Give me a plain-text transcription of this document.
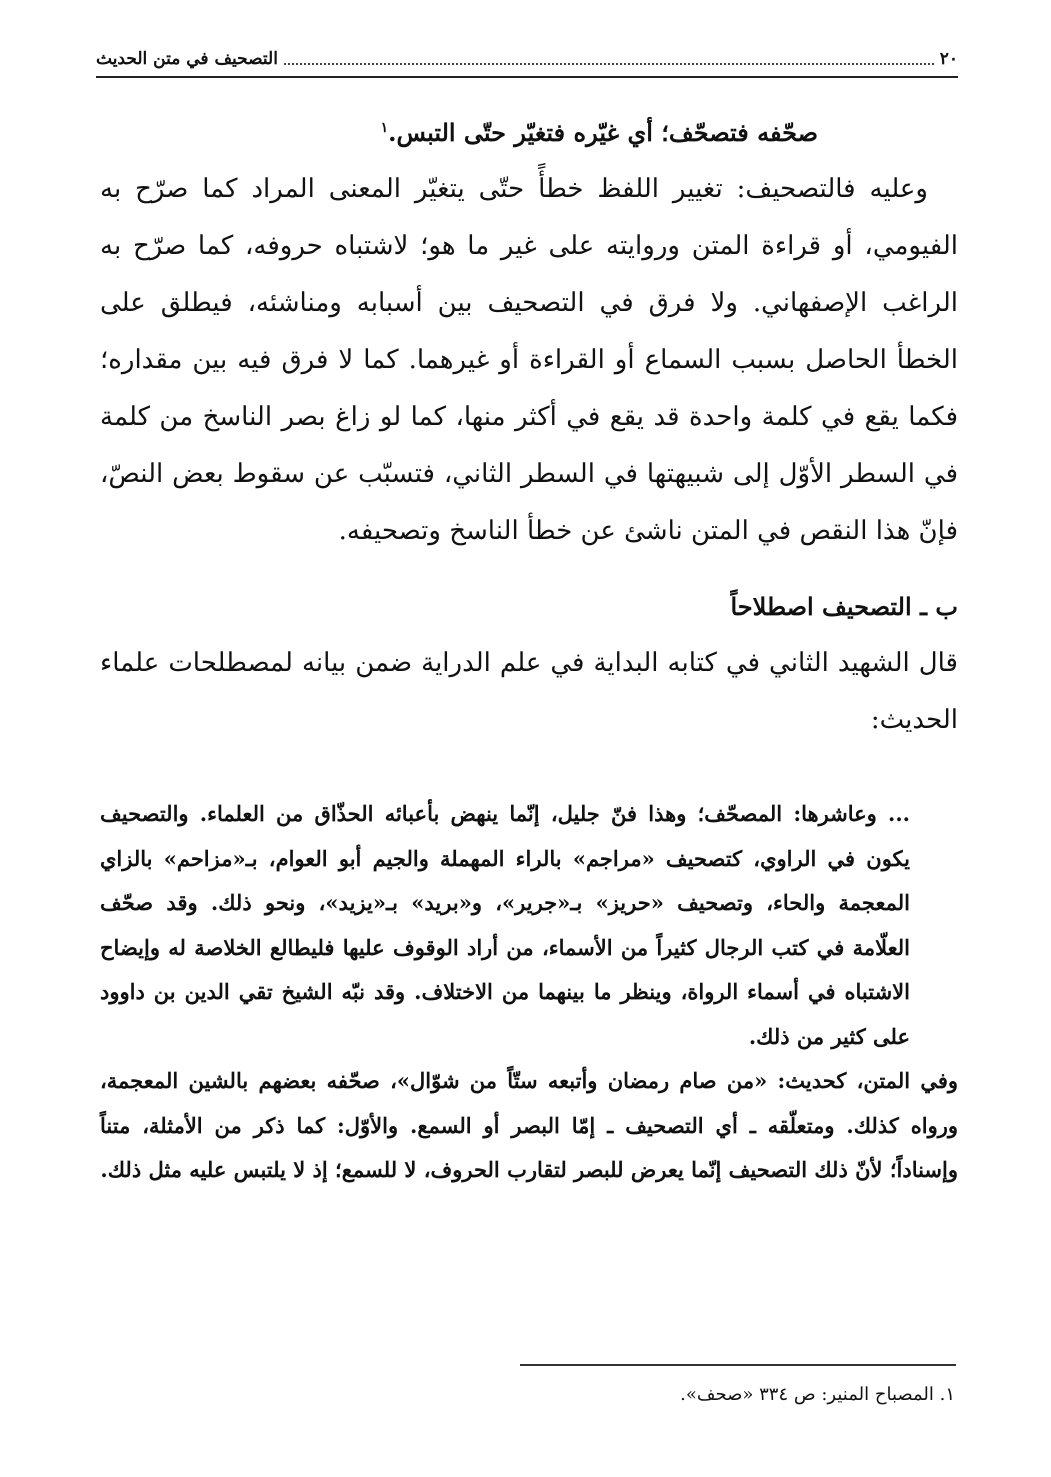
٢٠
التصحيف في متن الحديث

صحّفه فتصحّف؛ أي غيّره فتغيّر حتّى التبس.$^١$

وعليه فالتصحيف: تغيير اللفظ خطأً حتّى يتغيّر المعنى المراد كما صرّح به الفيومي، أو قراءة المتن وروايته على غير ما هو؛ لاشتباه حروفه، كما صرّح به الراغب الإصفهاني. ولا فرق في التصحيف بين أسبابه ومناشئه، فيطلق على الخطأ الحاصل بسبب السماع أو القراءة أو غيرهما. كما لا فرق فيه بين مقداره؛ فكما يقع في كلمة واحدة قد يقع في أكثر منها، كما لو زاغ بصر الناسخ من كلمة في السطر الأوّل إلى شبيهتها في السطر الثاني، فتسبّب عن سقوط بعض النصّ، فإنّ هذا النقص في المتن ناشئ عن خطأ الناسخ وتصحيفه.

ب ـ التصحيف اصطلاحاً

قال الشهيد الثاني في كتابه البداية في علم الدراية ضمن بيانه لمصطلحات علماء الحديث:

... وعاشرها: المصحّف؛ وهذا فنّ جليل، إنّما ينهض بأعبائه الحذّاق من العلماء. والتصحيف يكون في الراوي، كتصحيف «مراجم» بالراء المهملة والجيم أبو العوام، بـ«مزاحم» بالزاي المعجمة والحاء، وتصحيف «حريز» بـ«جرير»، و«بريد» بـ«يزيد»، ونحو ذلك. وقد صحّف العلّامة في كتب الرجال كثيراً من الأسماء، من أراد الوقوف عليها فليطالع الخلاصة له وإيضاح الاشتباه في أسماء الرواة، وينظر ما بينهما من الاختلاف. وقد نبّه الشيخ تقي الدين بن داوود على كثير من ذلك.

وفي المتن، كحديث: «من صام رمضان وأتبعه ستّاً من شوّال»، صحّفه بعضهم بالشين المعجمة، ورواه كذلك. ومتعلّقه ـ أي التصحيف ـ إمّا البصر أو السمع. والأوّل: كما ذكر من الأمثلة، متناً وإسناداً؛ لأنّ ذلك التصحيف إنّما يعرض للبصر لتقارب الحروف، لا للسمع؛ إذ لا يلتبس عليه مثل ذلك.

١. المصباح المنير: ص ٣٣٤ «صحف».
